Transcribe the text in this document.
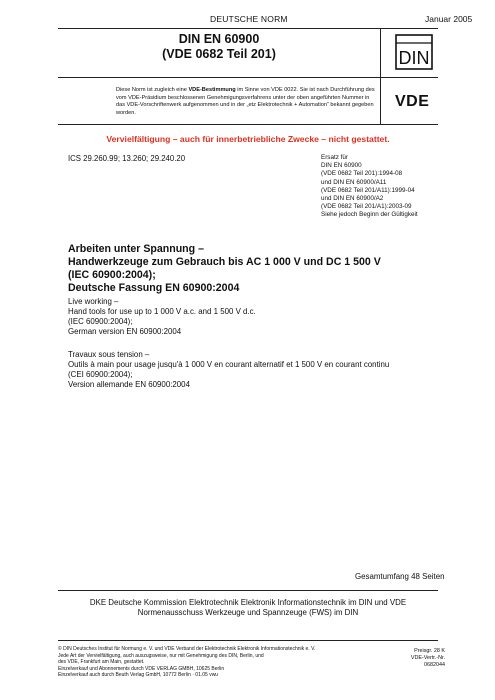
DEUTSCHE NORM	Januar 2005
DIN EN 60900
(VDE 0682 Teil 201)	DIN
Diese Norm ist zugleich eine VDE-Bestimmung im Sinne von VDE 0022. Sie ist nach Durchführung des vom VDE-Präsidium beschlossenen Genehmigungsverfahrens unter der oben angeführten Nummer in das VDE-Vorschriftenwerk aufgenommen und in der „etz Elektrotechnik + Automation“ bekannt gegeben worden.
VDE
Vervielfältigung – auch für innerbetriebliche Zwecke – nicht gestattet.
ICS 29.260.99; 13.260; 29.240.20	Ersatz für
DIN EN 60900
(VDE 0682 Teil 201):1994-08
und DIN EN 60900/A11
(VDE 0682 Teil 201/A11):1999-04
und DIN EN 60900/A2
(VDE 0682 Teil 201/A1):2003-09
Siehe jedoch Beginn der Gültigkeit
Arbeiten unter Spannung –
Handwerkzeuge zum Gebrauch bis AC 1 000 V und DC 1 500 V
(IEC 60900:2004);
Deutsche Fassung EN 60900:2004
Live working –
Hand tools for use up to 1 000 V a.c. and 1 500 V d.c.
(IEC 60900:2004);
German version EN 60900:2004
Travaux sous tension –
Outils à main pour usage jusqu'à 1 000 V en courant alternatif et 1 500 V en courant continu
(CEI 60900:2004);
Version allemande EN 60900:2004
Gesamtumfang 48 Seiten
DKE Deutsche Kommission Elektrotechnik Elektronik Informationstechnik im DIN und VDE
Normenausschuss Werkzeuge und Spannzeuge (FWS) im DIN
© DIN Deutsches Institut für Normung e. V. und VDE Verband der Elektrotechnik Elektronik Informationstechnik e. V.
Jede Art der Vervielfältigung, auch auszugsweise, nur mit Genehmigung des DIN, Berlin, und
des VDE, Frankfurt am Main, gestattet.
Einzelverkauf und Abonnements durch VDE VERLAG GMBH, 10625 Berlin
Einzelverkauf auch durch Beuth Verlag GmbH, 10772 Berlin · 01.05 vwu
Preisgr. 28 K
VDE-Vertr.-Nr. 0682044
